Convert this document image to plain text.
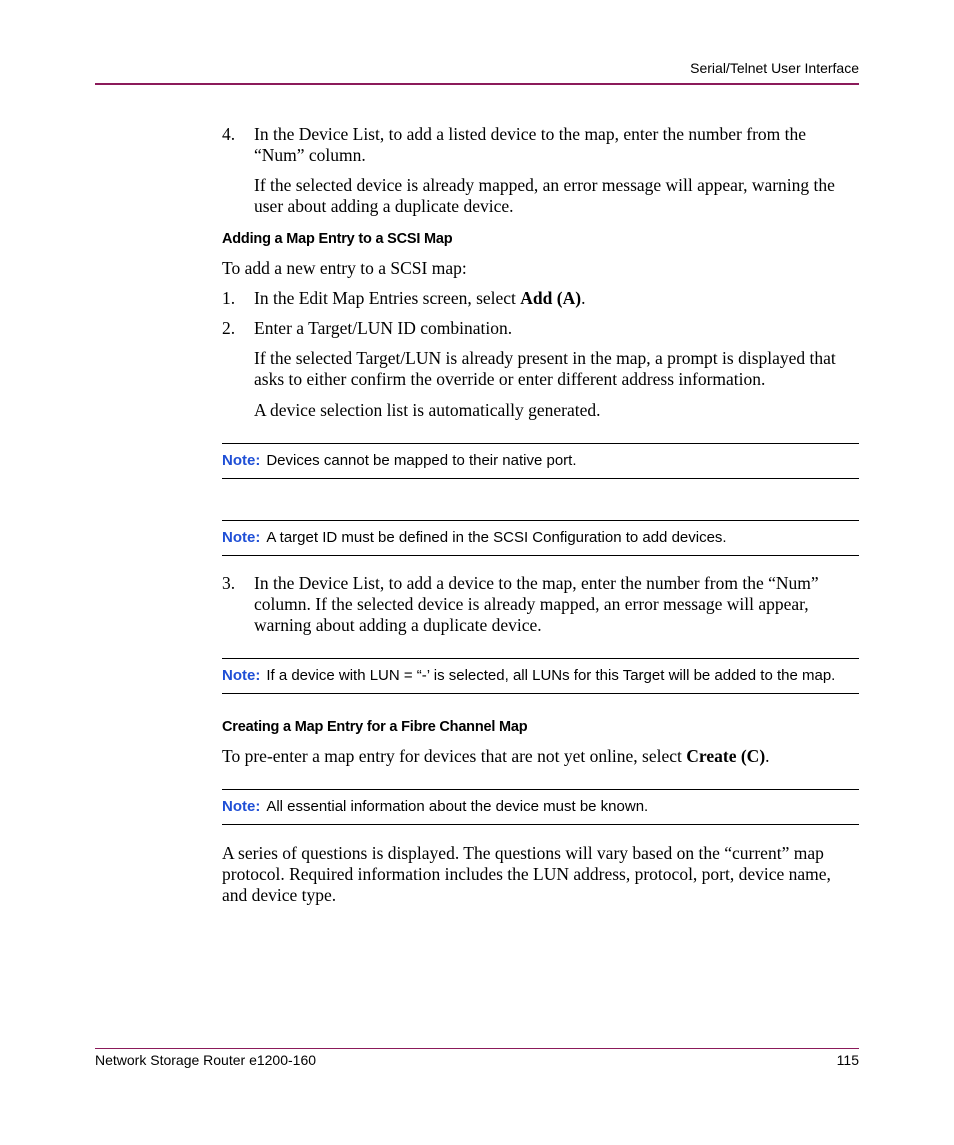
Serial/Telnet User Interface
4.	In the Device List, to add a listed device to the map, enter the number from the “Num” column.
If the selected device is already mapped, an error message will appear, warning the user about adding a duplicate device.
Adding a Map Entry to a SCSI Map
To add a new entry to a SCSI map:
1.	In the Edit Map Entries screen, select Add (A).
2.	Enter a Target/LUN ID combination.
If the selected Target/LUN is already present in the map, a prompt is displayed that asks to either confirm the override or enter different address information.
A device selection list is automatically generated.
Note: Devices cannot be mapped to their native port.
Note: A target ID must be defined in the SCSI Configuration to add devices.
3.	In the Device List, to add a device to the map, enter the number from the “Num” column. If the selected device is already mapped, an error message will appear, warning about adding a duplicate device.
Note: If a device with LUN = “-’ is selected, all LUNs for this Target will be added to the map.
Creating a Map Entry for a Fibre Channel Map
To pre-enter a map entry for devices that are not yet online, select Create (C).
Note: All essential information about the device must be known.
A series of questions is displayed. The questions will vary based on the “current” map protocol. Required information includes the LUN address, protocol, port, device name, and device type.
Network Storage Router e1200-160	115
